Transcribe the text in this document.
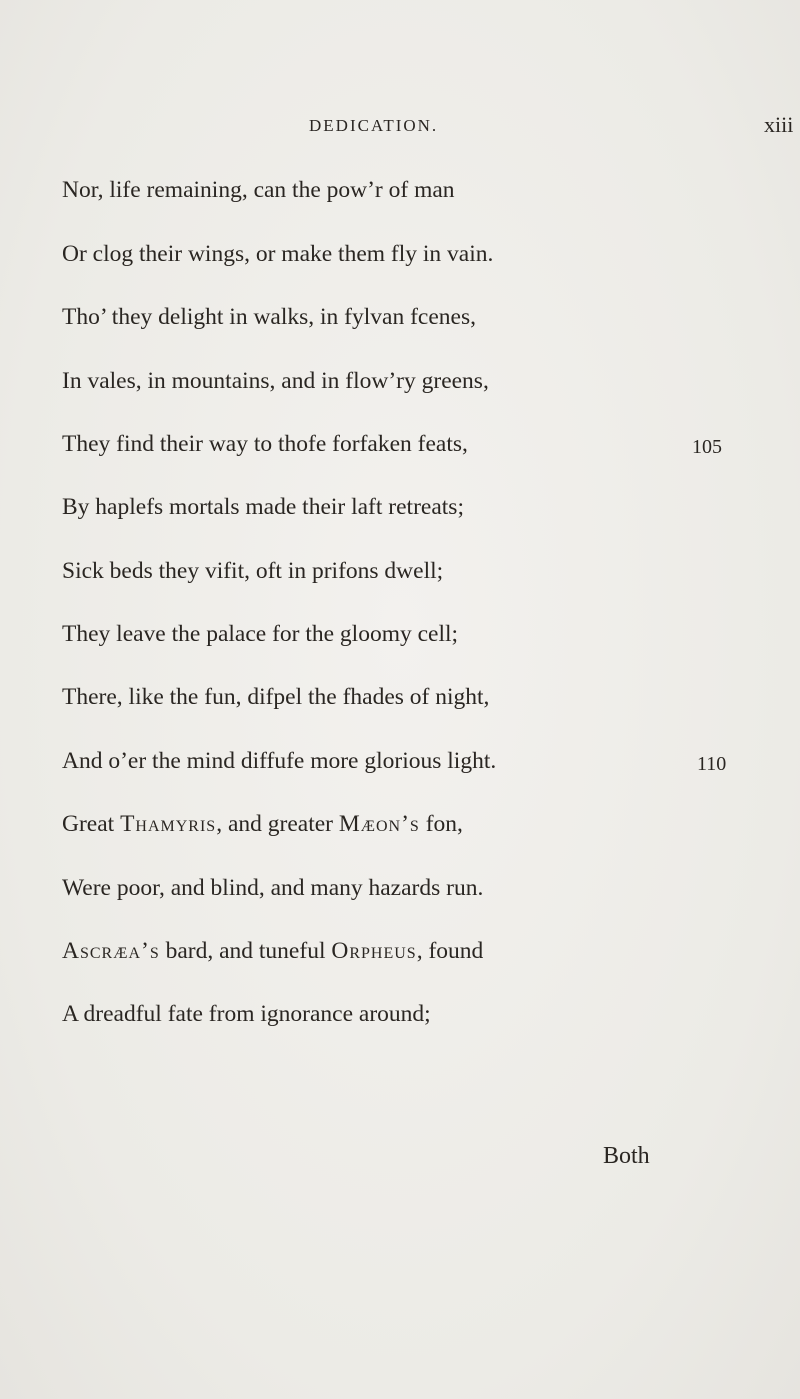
DEDICATION.	xiii
Nor, life remaining, can the pow’r of man
Or clog their wings, or make them fly in vain.
Tho’ they delight in walks, in fylvan fcenes,
In vales, in mountains, and in flow’ry greens,
They find their way to thofe forfaken feats,	105
By haplefs mortals made their laft retreats;
Sick beds they vifit, oft in prifons dwell;
They leave the palace for the gloomy cell;
There, like the fun, difpel the fhades of night,
And o’er the mind diffufe more glorious light.	110
Great Thamyris, and greater Mæon’s fon,
Were poor, and blind, and many hazards run.
Ascræa’s bard, and tuneful Orpheus, found
A dreadful fate from ignorance around;
Both
